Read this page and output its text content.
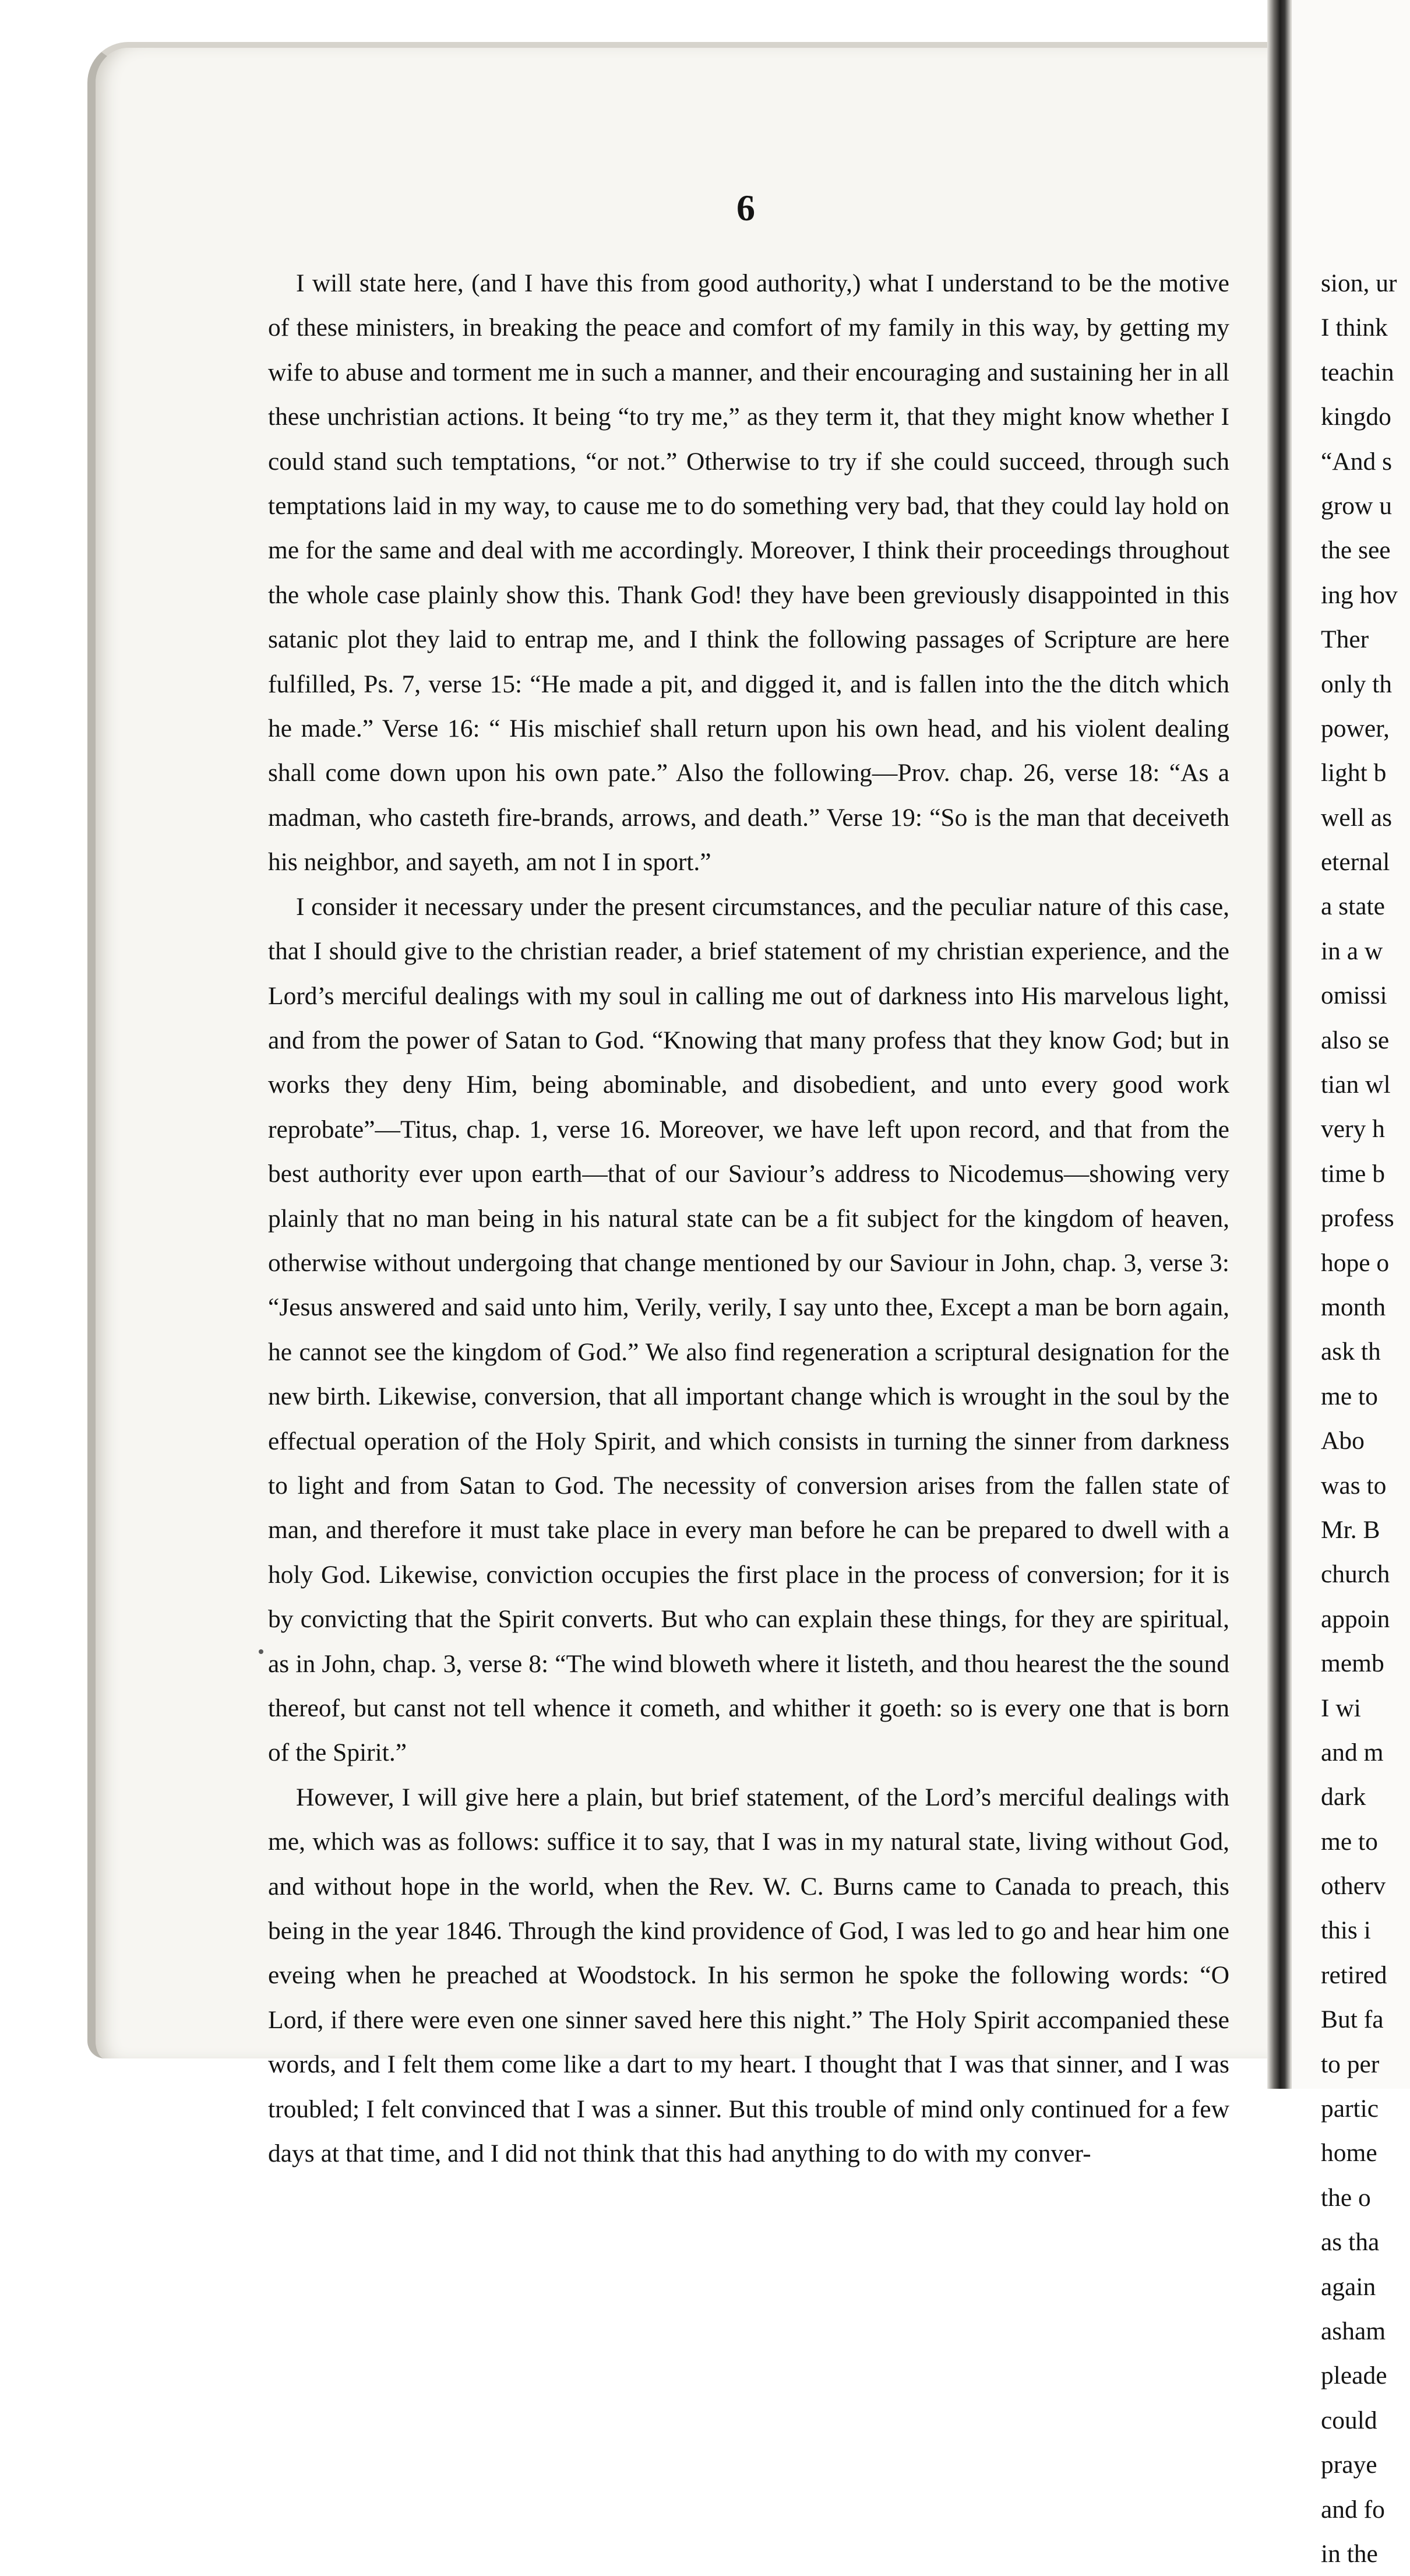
6

I will state here, (and I have this from good authority,) what I understand to be the motive of these ministers, in breaking the peace and comfort of my family in this way, by getting my wife to abuse and torment me in such a manner, and their encouraging and sustaining her in all these unchristian actions. It being “to try me,” as they term it, that they might know whether I could stand such temptations, “or not.” Otherwise to try if she could succeed, through such temptations laid in my way, to cause me to do something very bad, that they could lay hold on me for the same and deal with me accordingly. Moreover, I think their proceedings throughout the whole case plainly show this. Thank God! they have been greviously disappointed in this satanic plot they laid to entrap me, and I think the following passages of Scripture are here fulfilled, Ps. 7, verse 15: “He made a pit, and digged it, and is fallen into the the ditch which he made.” Verse 16: “ His mischief shall return upon his own head, and his violent dealing shall come down upon his own pate.” Also the following—Prov. chap. 26, verse 18: “As a madman, who casteth fire-brands, arrows, and death.” Verse 19: “So is the man that deceiveth his neighbor, and sayeth, am not I in sport.”

I consider it necessary under the present circumstances, and the peculiar nature of this case, that I should give to the christian reader, a brief statement of my christian experience, and the Lord’s merciful dealings with my soul in calling me out of darkness into His marvelous light, and from the power of Satan to God. “Knowing that many profess that they know God; but in works they deny Him, being abominable, and disobedient, and unto every good work reprobate”—Titus, chap. 1, verse 16. Moreover, we have left upon record, and that from the best authority ever upon earth—that of our Saviour’s address to Nicodemus—showing very plainly that no man being in his natural state can be a fit subject for the kingdom of heaven, otherwise without undergoing that change mentioned by our Saviour in John, chap. 3, verse 3: “Jesus answered and said unto him, Verily, verily, I say unto thee, Except a man be born again, he cannot see the kingdom of God.” We also find regeneration a scriptural designation for the new birth. Likewise, conversion, that all important change which is wrought in the soul by the effectual operation of the Holy Spirit, and which consists in turning the sinner from darkness to light and from Satan to God. The necessity of conversion arises from the fallen state of man, and therefore it must take place in every man before he can be prepared to dwell with a holy God. Likewise, conviction occupies the first place in the process of conversion; for it is by convicting that the Spirit converts. But who can explain these things, for they are spiritual, as in John, chap. 3, verse 8: “The wind bloweth where it listeth, and thou hearest the the sound thereof, but canst not tell whence it cometh, and whither it goeth: so is every one that is born of the Spirit.”

However, I will give here a plain, but brief statement, of the Lord’s merciful dealings with me, which was as follows: suffice it to say, that I was in my natural state, living without God, and without hope in the world, when the Rev. W. C. Burns came to Canada to preach, this being in the year 1846. Through the kind providence of God, I was led to go and hear him one eveing when he preached at Woodstock. In his sermon he spoke the following words: “O Lord, if there were even one sinner saved here this night.” The Holy Spirit accompanied these words, and I felt them come like a dart to my heart. I thought that I was that sinner, and I was troubled; I felt convinced that I was a sinner. But this trouble of mind only continued for a few days at that time, and I did not think that this had anything to do with my conver-

sion, ur
I think
teachin
kingdo
“And s
grow u
the see
ing hov
Ther
only th
power,
light b
well as
eternal
a state
in a w
omissi
also se
tian wl
very h
time b
profess
hope o
month
ask th
me to
Abo
was to
Mr. B
church
appoin
memb
I wi
and m
dark
me to
otherv
this i
retired
But fa
to per
partic
home
the o
as tha
again
asham
pleade
could
praye
and fo
in the
